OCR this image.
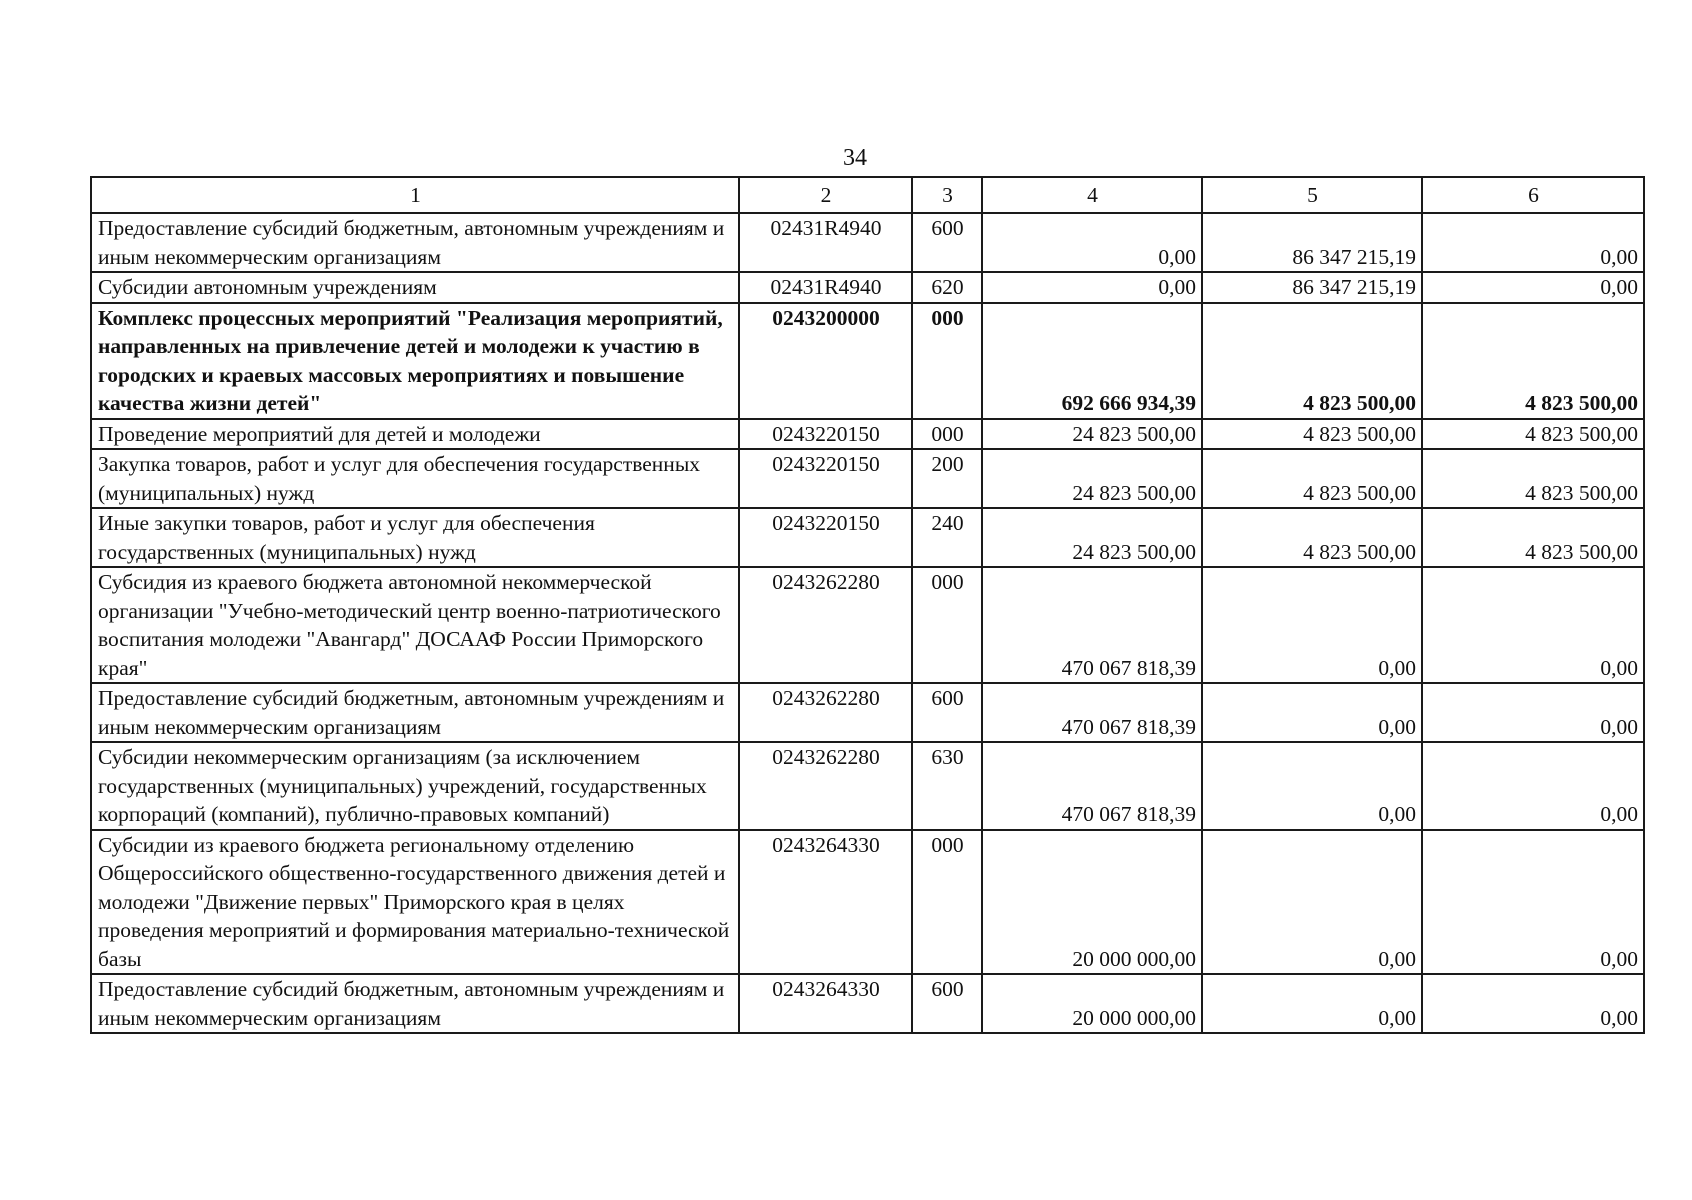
34
1	2	3	4	5	6
Предоставление субсидий бюджетным, автономным учреждениям и иным некоммерческим организациям	02431R4940	600	0,00	86 347 215,19	0,00
Субсидии автономным учреждениям	02431R4940	620	0,00	86 347 215,19	0,00
Комплекс процессных мероприятий "Реализация мероприятий, направленных на привлечение детей и молодежи к участию в городских и краевых массовых мероприятиях и повышение качества жизни детей"	0243200000	000	692 666 934,39	4 823 500,00	4 823 500,00
Проведение мероприятий для детей и молодежи	0243220150	000	24 823 500,00	4 823 500,00	4 823 500,00
Закупка товаров, работ и услуг для обеспечения государственных (муниципальных) нужд	0243220150	200	24 823 500,00	4 823 500,00	4 823 500,00
Иные закупки товаров, работ и услуг для обеспечения государственных (муниципальных) нужд	0243220150	240	24 823 500,00	4 823 500,00	4 823 500,00
Субсидия из краевого бюджета автономной некоммерческой организации "Учебно-методический центр военно-патриотического воспитания молодежи "Авангард" ДОСААФ России Приморского края"	0243262280	000	470 067 818,39	0,00	0,00
Предоставление субсидий бюджетным, автономным учреждениям и иным некоммерческим организациям	0243262280	600	470 067 818,39	0,00	0,00
Субсидии некоммерческим организациям (за исключением государственных (муниципальных) учреждений, государственных корпораций (компаний), публично-правовых компаний)	0243262280	630	470 067 818,39	0,00	0,00
Субсидии из краевого бюджета региональному отделению Общероссийского общественно-государственного движения детей и молодежи "Движение первых" Приморского края в целях проведения мероприятий и формирования материально-технической базы	0243264330	000	20 000 000,00	0,00	0,00
Предоставление субсидий бюджетным, автономным учреждениям и иным некоммерческим организациям	0243264330	600	20 000 000,00	0,00	0,00
